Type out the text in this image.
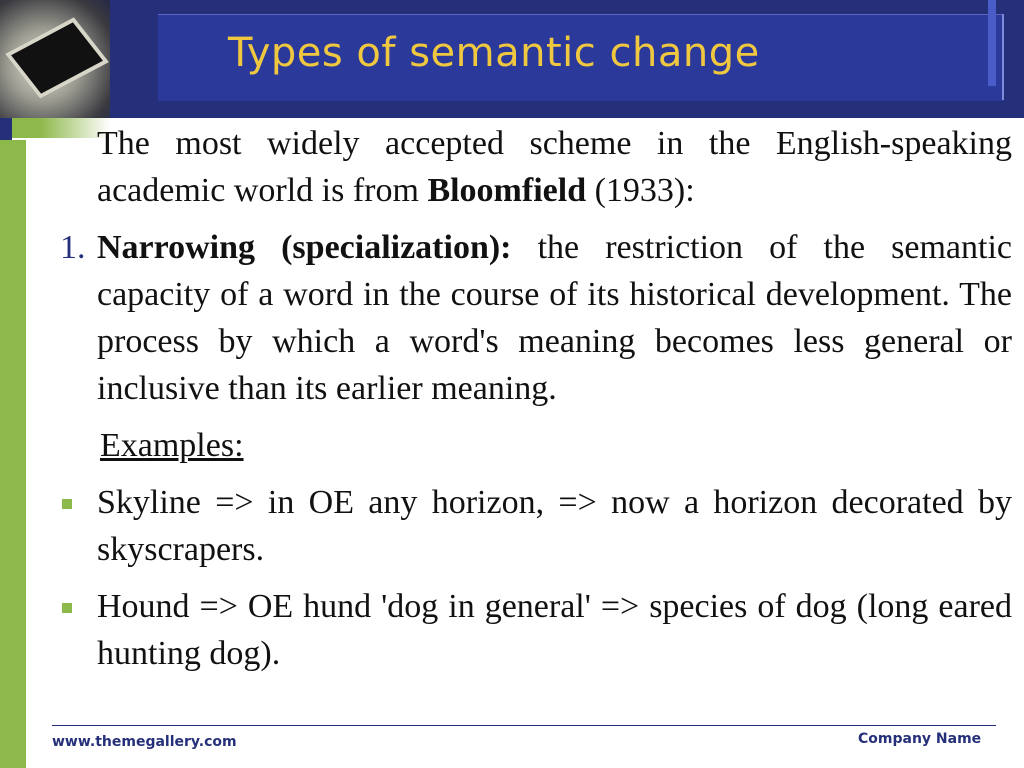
Types of semantic change
The most widely accepted scheme in the English-speaking academic world is from Bloomfield (1933):
1. Narrowing (specialization): the restriction of the semantic capacity of a word in the course of its historical development. The process by which a word's meaning becomes less general or inclusive than its earlier meaning.
Examples:
Skyline => in OE any horizon, => now a horizon decorated by skyscrapers.
Hound => OE hund 'dog in general' => species of dog (long eared hunting dog).
www.themegallery.com	Company Name
